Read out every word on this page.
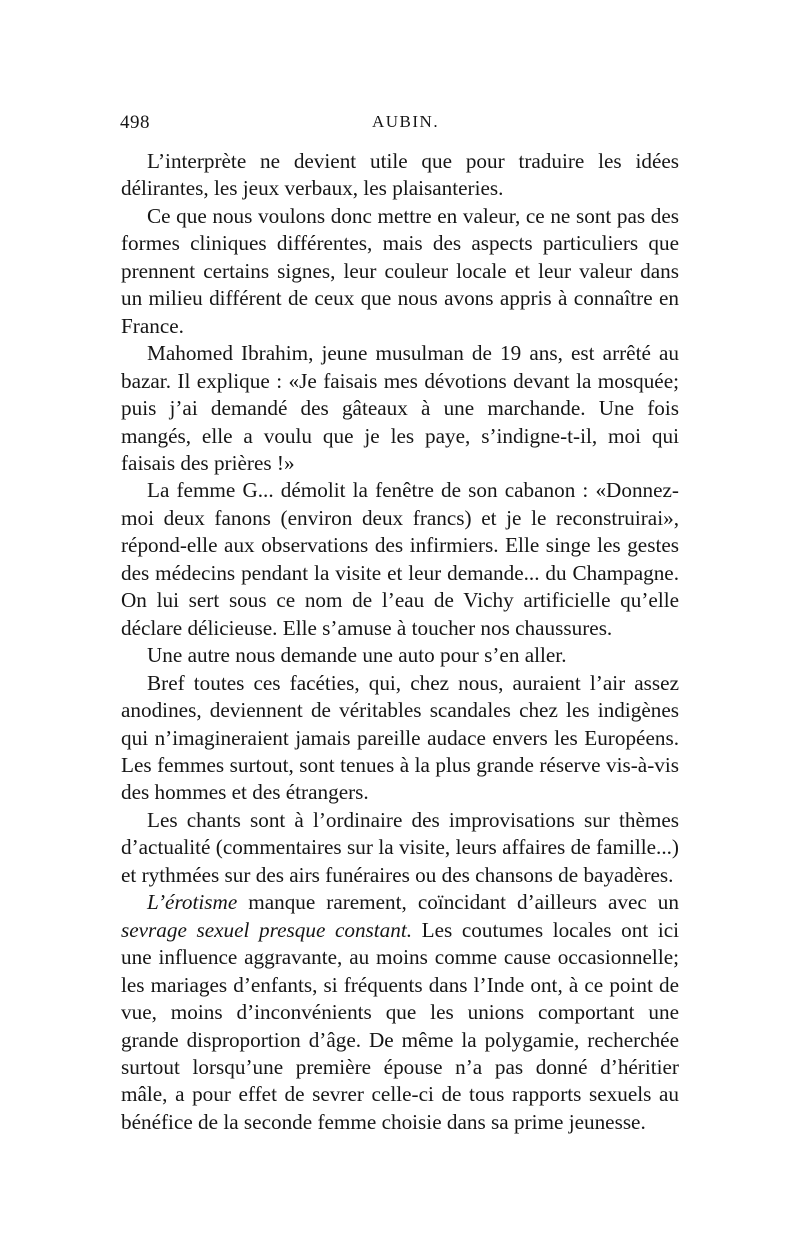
498	AUBIN.

L’interprète ne devient utile que pour traduire les idées délirantes, les jeux verbaux, les plaisanteries.

Ce que nous voulons donc mettre en valeur, ce ne sont pas des formes cliniques différentes, mais des aspects particuliers que prennent certains signes, leur couleur locale et leur valeur dans un milieu différent de ceux que nous avons appris à connaître en France.

Mahomed Ibrahim, jeune musulman de 19 ans, est arrêté au bazar. Il explique : «Je faisais mes dévotions devant la mosquée; puis j’ai demandé des gâteaux à une marchande. Une fois mangés, elle a voulu que je les paye, s’indigne-t-il, moi qui faisais des prières !»

La femme G... démolit la fenêtre de son cabanon : «Donnez-moi deux fanons (environ deux francs) et je le reconstruirai», répond-elle aux observations des infirmiers. Elle singe les gestes des médecins pendant la visite et leur demande... du Champagne. On lui sert sous ce nom de l’eau de Vichy artificielle qu’elle déclare délicieuse. Elle s’amuse à toucher nos chaussures.

Une autre nous demande une auto pour s’en aller.

Bref toutes ces facéties, qui, chez nous, auraient l’air assez anodines, deviennent de véritables scandales chez les indigènes qui n’imagineraient jamais pareille audace envers les Européens. Les femmes surtout, sont tenues à la plus grande réserve vis-à-vis des hommes et des étrangers.

Les chants sont à l’ordinaire des improvisations sur thèmes d’actualité (commentaires sur la visite, leurs affaires de famille...) et rythmées sur des airs funéraires ou des chansons de bayadères.

L’érotisme manque rarement, coïncidant d’ailleurs avec un sevrage sexuel presque constant. Les coutumes locales ont ici une influence aggravante, au moins comme cause occasionnelle; les mariages d’enfants, si fréquents dans l’Inde ont, à ce point de vue, moins d’inconvénients que les unions comportant une grande disproportion d’âge. De même la polygamie, recherchée surtout lorsqu’une première épouse n’a pas donné d’héritier mâle, a pour effet de sevrer celle-ci de tous rapports sexuels au bénéfice de la seconde femme choisie dans sa prime jeunesse.
